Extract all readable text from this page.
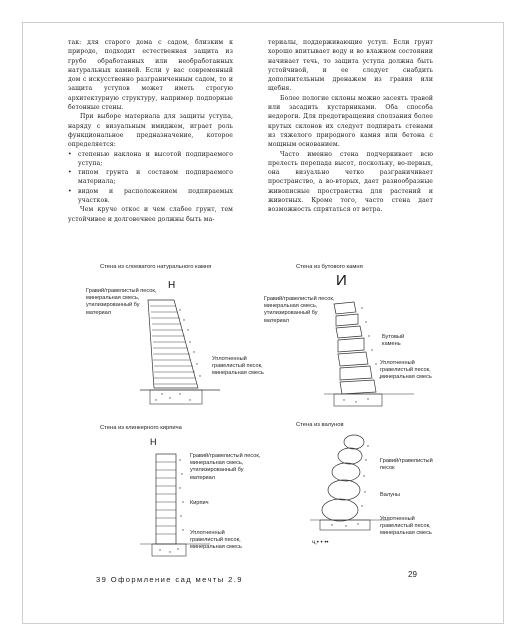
так: для старого дома с садом, близким к природе, подходит естественная защита из грубо обработанных или необработанных натуральных камней. Если у вас современный дом с искусственно разграниченным садом, то и защита уступов может иметь строгую архитектурную структуру, например подпорные бетонные стены.

При выборе материала для защиты уступа, наряду с визуальным имиджем, играет роль функциональное предназначение, которое определяется:

• степенью наклона и высотой подпираемого уступа;

• типом грунта и составом подпираемого материала;

• видом и расположением подпираемых участков.

Чем круче откос и чем слабее грунт, тем устойчивее и долговечнее должны быть ма-

териалы, поддерживающие уступ. Если грунт хорошо впитывает воду и во влажном состоянии начинает течь, то защита уступа должна быть устойчивой, и ее следует снабдить дополнительным дренажем из гравия или щебня.

Более пологие склоны можно засеять травой или засадить кустарниками. Оба способа недороги. Для предотвращения сползания более крутых склонов их следует подпирать стенами из тяжелого природного камня или бетона с мощным основанием.

Часто именно стена подчеркивает всю прелесть перепада высот, поскольку, во-первых, она визуально четко разграничивает пространство, а во-вторых, дает разнообразные живописные пространства для растений и животных. Кроме того, часто стена дает возможность спрятаться от ветра.

Стена из слоеватого натурального камня
Н
Гравий/гравелистый песок, минеральная смесь, утилизированный бу материал
Уплотненный гравелистый песок, минеральная смесь
Стена из бутового камня
И
Гравий/гравелистый песок, минеральная смесь, утилизированный бу материал
Бутовый камень
Уплотненный гравелистый песок, минеральная смесь
Стена из клинкерного кирпича
Н
Гравий/гравелистый песок, минеральная смесь, утилизированный бу материал
Кирпич
Уплотненный гравелистый песок, минеральная смесь
Стена из валунов
Гравий/гравелистый песок
Валуны
Уплотненный гравелистый песок, минеральная смесь
ч,• • ••
39 Оформление сад мечты 2.9
29
